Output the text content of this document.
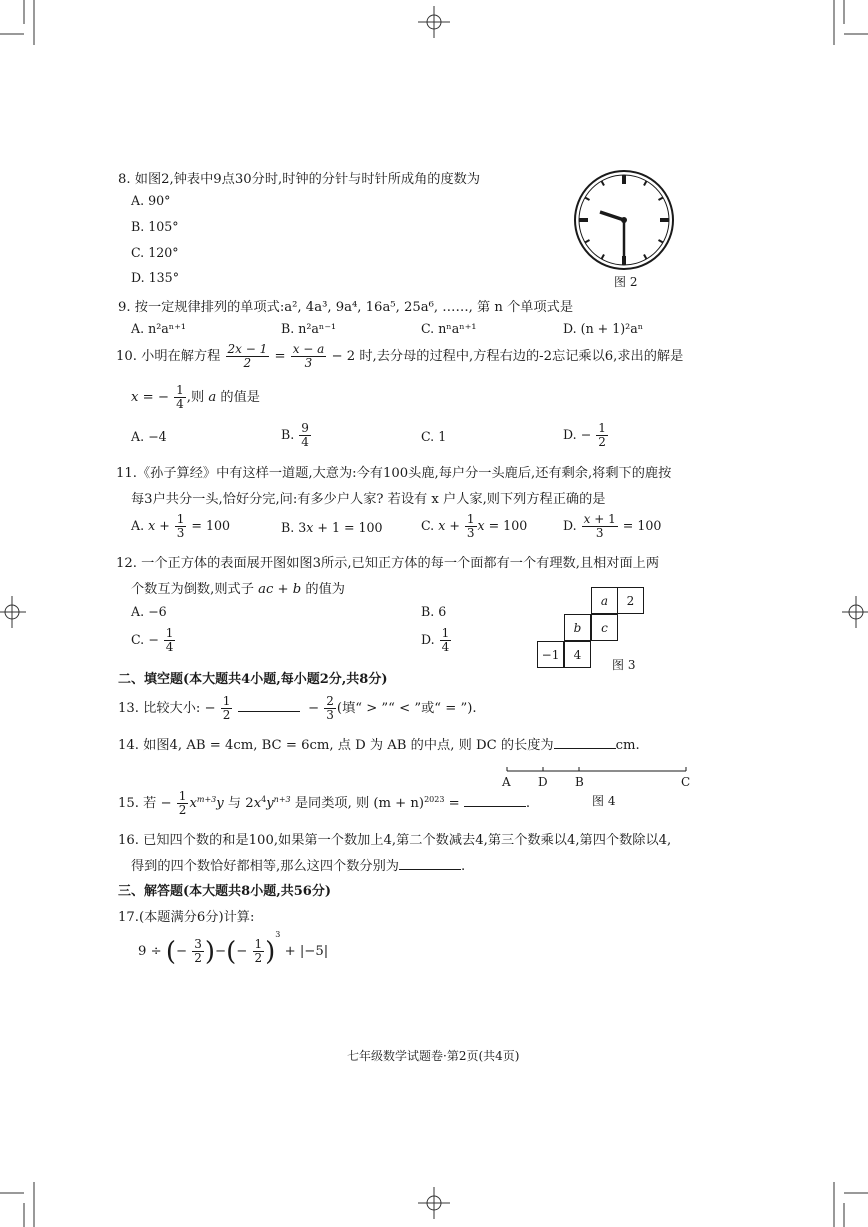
8. 如图2,钟表中9点30分时,时钟的分针与时针所成角的度数为
A. 90°
B. 105°
C. 120°
D. 135°	图 2
9. 按一定规律排列的单项式:a², 4a³, 9a⁴, 16a⁵, 25a⁶, ……, 第 n 个单项式是
A. n²aⁿ⁺¹	B. n²aⁿ⁻¹	C. nⁿaⁿ⁺¹	D. (n + 1)²aⁿ
10. 小明在解方程 $\frac{2x - 1}{2} = \frac{x - a}{3} - 2$ 时,去分母的过程中,方程右边的-2忘记乘以6,求出的解是
x = − $\frac{1}{4}$ ,则 a 的值是
A. −4	B. $\frac{9}{4}$	C. 1	D. − $\frac{1}{2}$
11.《孙子算经》中有这样一道题,大意为:今有100头鹿,每户分一头鹿后,还有剩余,将剩下的鹿按
每3户共分一头,恰好分完,问:有多少户人家? 若设有 x 户人家,则下列方程正确的是
A. $x + \frac{1}{3} = 100$	B. 3x + 1 = 100	C. $x + \frac{1}{3}$ x = 100	D. $\frac{x + 1}{3} = 100$
12. 一个正方体的表面展开图如图3所示,已知正方体的每一个面都有一个有理数,且相对面上两
个数互为倒数,则式子 ac + b 的值为
A. −6	B. 6
C. − $\frac{1}{4}$	D. $\frac{1}{4}$
a	2
b	c
−1	4
图 3
二、填空题(本大题共4小题,每小题2分,共8分)
13. 比较大小: − $\frac{1}{2}$	− $\frac{2}{3}$ (填“ > ”“ < ”或“ = ”).
14. 如图4, AB = 4cm, BC = 6cm, 点 D 为 AB 的中点, 则 DC 的长度为	cm.
A D B	C
图 4
15. 若 − $\frac{1}{2} x^{m+3}y$ 与 $2x^4y^{n+3}$ 是同类项, 则 $(m + n)^{2023}$ =	.
16. 已知四个数的和是100,如果第一个数加上4,第二个数减去4,第三个数乘以4,第四个数除以4,
得到的四个数恰好都相等,那么这四个数分别为	.
三、解答题(本大题共8小题,共56分)
17.(本题满分6分)计算:
9 ÷ (− $\frac{3}{2}$ )−(− $\frac{1}{2} )^3 + |-5|$
七年级数学试题卷·第2页(共4页)
